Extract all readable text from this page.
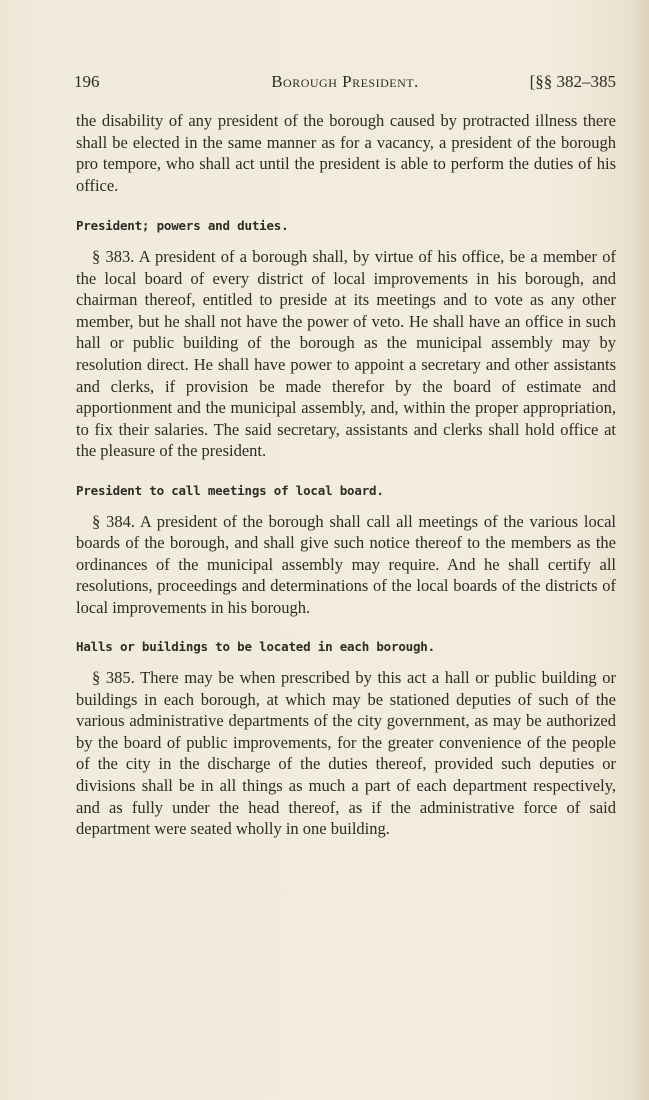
196	Borough President.	[§§ 382–385

the disability of any president of the borough caused by protracted illness there shall be elected in the same manner as for a vacancy, a president of the borough pro tempore, who shall act until the president is able to perform the duties of his office.

President; powers and duties.

§ 383. A president of a borough shall, by virtue of his office, be a member of the local board of every district of local improvements in his borough, and chairman thereof, entitled to preside at its meetings and to vote as any other member, but he shall not have the power of veto. He shall have an office in such hall or public building of the borough as the municipal assembly may by resolution direct. He shall have power to appoint a secretary and other assistants and clerks, if provision be made therefor by the board of estimate and apportionment and the municipal assembly, and, within the proper appropriation, to fix their salaries. The said secretary, assistants and clerks shall hold office at the pleasure of the president.

President to call meetings of local board.

§ 384. A president of the borough shall call all meetings of the various local boards of the borough, and shall give such notice thereof to the members as the ordinances of the municipal assembly may require. And he shall certify all resolutions, proceedings and determinations of the local boards of the districts of local improvements in his borough.

Halls or buildings to be located in each borough.

§ 385. There may be when prescribed by this act a hall or public building or buildings in each borough, at which may be stationed deputies of such of the various administrative departments of the city government, as may be authorized by the board of public improvements, for the greater convenience of the people of the city in the discharge of the duties thereof, provided such deputies or divisions shall be in all things as much a part of each department respectively, and as fully under the head thereof, as if the administrative force of said department were seated wholly in one building.
